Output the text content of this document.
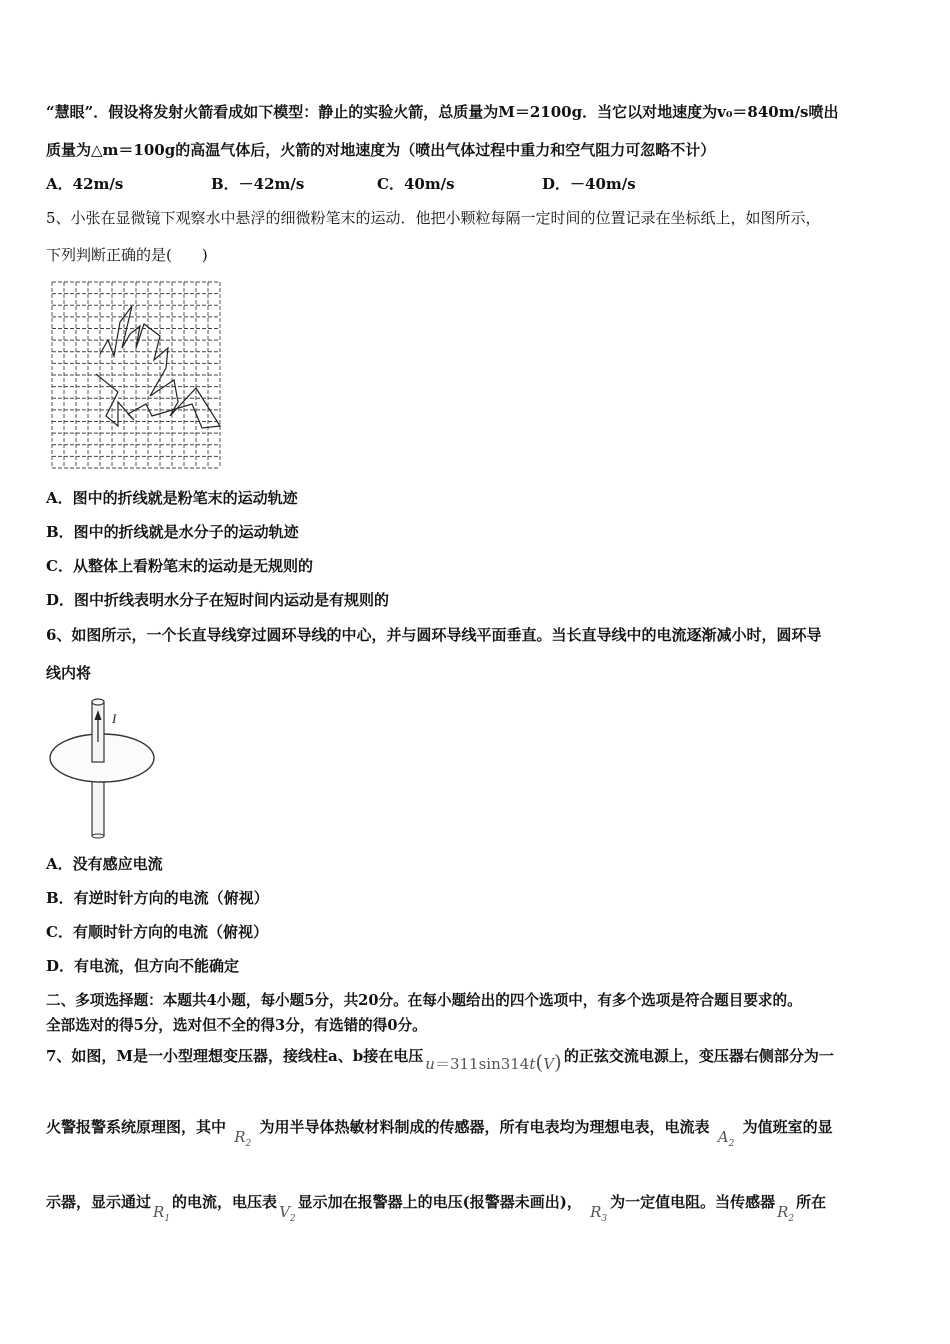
“慧眼”．假设将发射火箭看成如下模型：静止的实验火箭，总质量为M＝2100g．当它以对地速度为v₀＝840m/s喷出
质量为△m＝100g的高温气体后，火箭的对地速度为（喷出气体过程中重力和空气阻力可忽略不计）
A．42m/s	B．－42m/s	C．40m/s	D．－40m/s
5、小张在显微镜下观察水中悬浮的细微粉笔末的运动．他把小颗粒每隔一定时间的位置记录在坐标纸上，如图所示，
下列判断正确的是(　　)
A．图中的折线就是粉笔末的运动轨迹
B．图中的折线就是水分子的运动轨迹
C．从整体上看粉笔末的运动是无规则的
D．图中折线表明水分子在短时间内运动是有规则的
6、如图所示，一个长直导线穿过圆环导线的中心，并与圆环导线平面垂直。当长直导线中的电流逐渐减小时，圆环导
线内将
I
A．没有感应电流
B．有逆时针方向的电流（俯视）
C．有顺时针方向的电流（俯视）
D．有电流，但方向不能确定
二、多项选择题：本题共4小题，每小题5分，共20分。在每小题给出的四个选项中，有多个选项是符合题目要求的。
全部选对的得5分，选对但不全的得3分，有选错的得0分。
7、如图，M是一小型理想变压器，接线柱a、b接在电压 u＝311sin314t(V) 的正弦交流电源上，变压器右侧部分为一
火警报警系统原理图，其中 $R_2$ 为用半导体热敏材料制成的传感器，所有电表均为理想电表，电流表 $A_2$ 为值班室的显
示器，显示通过$R_1$的电流，电压表$V_2$显示加在报警器上的电压(报警器未画出)， $R_3$为一定值电阻。当传感器$R_2$所在
